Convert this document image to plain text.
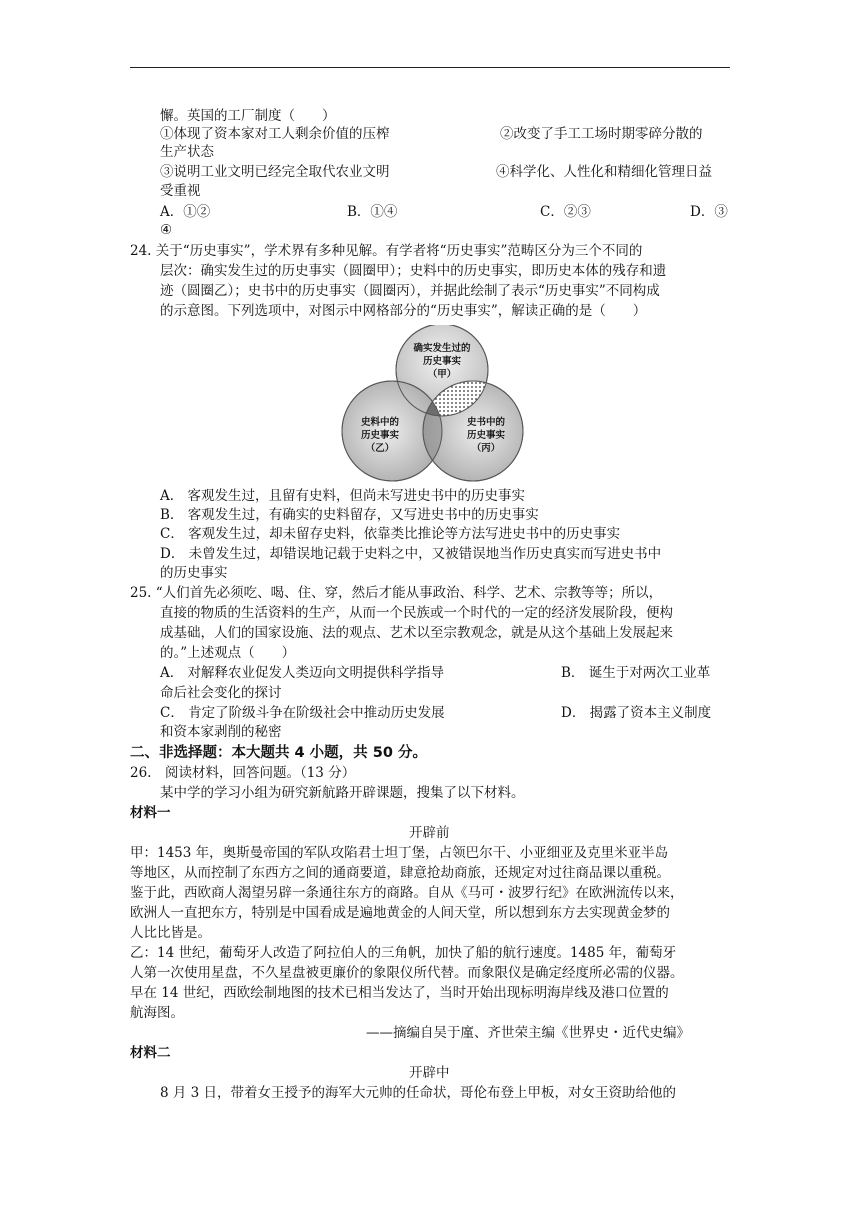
懈。英国的工厂制度（　　）
①体现了资本家对工人剩余价值的压榨	②改变了手工工场时期零碎分散的
生产状态
③说明工业文明已经完全取代农业文明	④科学化、人性化和精细化管理日益
受重视
A．①②	B．①④	C．②③	D．③
④
24. 关于“历史事实”，学术界有多种见解。有学者将“历史事实”范畴区分为三个不同的
层次：确实发生过的历史事实（圆圈甲）；史料中的历史事实，即历史本体的残存和遗
迹（圆圈乙）；史书中的历史事实（圆圈丙），并据此绘制了表示“历史事实”不同构成
的示意图。下列选项中，对图示中网格部分的“历史事实”，解读正确的是（　　）
确实发生过的
历史事实
（甲）
史料中的
历史事实
（乙）
史书中的
历史事实
（丙）
A． 客观发生过，且留有史料，但尚未写进史书中的历史事实
B． 客观发生过，有确实的史料留存，又写进史书中的历史事实
C． 客观发生过，却未留存史料，依靠类比推论等方法写进史书中的历史事实
D． 未曾发生过，却错误地记载于史料之中，又被错误地当作历史真实而写进史书中
的历史事实
25. “人们首先必须吃、喝、住、穿，然后才能从事政治、科学、艺术、宗教等等；所以，
直接的物质的生活资料的生产，从而一个民族或一个时代的一定的经济发展阶段，便构
成基础，人们的国家设施、法的观点、艺术以至宗教观念，就是从这个基础上发展起来
的。”上述观点（　　）
A． 对解释农业促发人类迈向文明提供科学指导	B． 诞生于对两次工业革
命后社会变化的探讨
C． 肯定了阶级斗争在阶级社会中推动历史发展	D． 揭露了资本主义制度
和资本家剥削的秘密
二、非选择题：本大题共 4 小题，共 50 分。
26.　阅读材料，回答问题。（13 分）
某中学的学习小组为研究新航路开辟课题，搜集了以下材料。
材料一
开辟前
甲：1453 年，奥斯曼帝国的军队攻陷君士坦丁堡，占领巴尔干、小亚细亚及克里米亚半岛
等地区，从而控制了东西方之间的通商要道，肆意抢劫商旅，还规定对过往商品课以重税。
鉴于此，西欧商人渴望另辟一条通往东方的商路。自从《马可・波罗行纪》在欧洲流传以来，
欧洲人一直把东方，特别是中国看成是遍地黄金的人间天堂，所以想到东方去实现黄金梦的
人比比皆是。
乙：14 世纪，葡萄牙人改造了阿拉伯人的三角帆，加快了船的航行速度。1485 年，葡萄牙
人第一次使用星盘，不久星盘被更廉价的象限仪所代替。而象限仪是确定经度所必需的仪器。
早在 14 世纪，西欧绘制地图的技术已相当发达了，当时开始出现标明海岸线及港口位置的
航海图。
——摘编自吴于廑、齐世荣主编《世界史・近代史编》
材料二
开辟中
8 月 3 日，带着女王授予的海军大元帅的任命状，哥伦布登上甲板，对女王资助给他的
